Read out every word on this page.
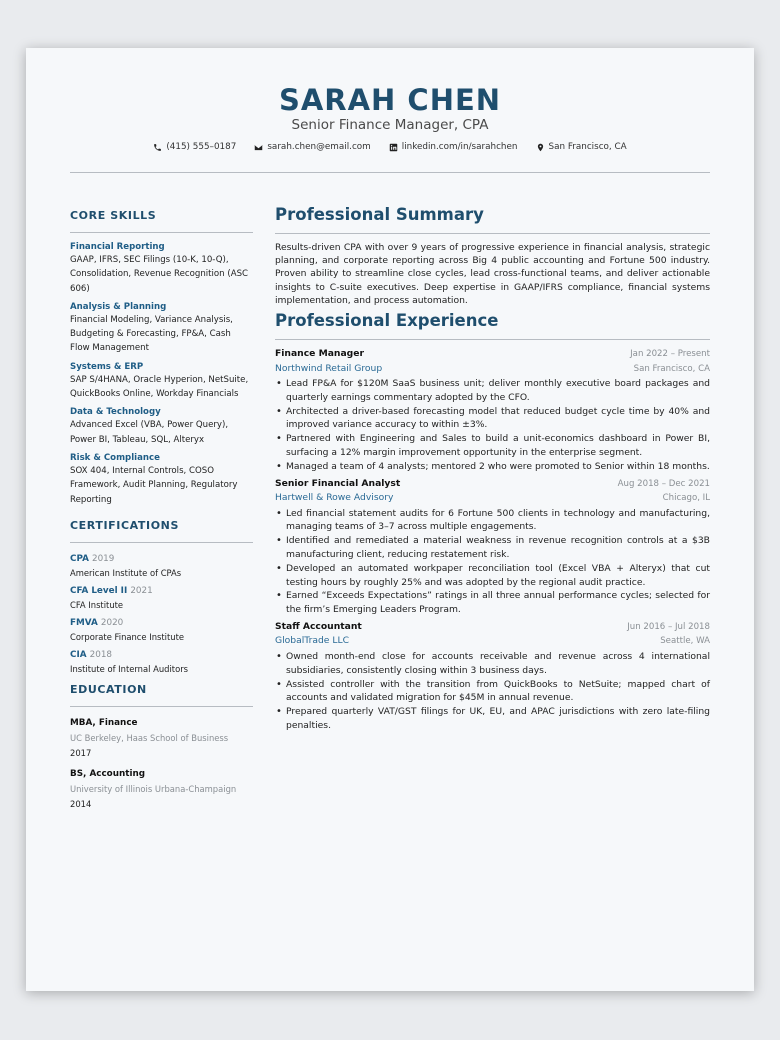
SARAH CHEN
Senior Finance Manager, CPA
(415) 555–0187	sarah.chen@email.com	linkedin.com/in/sarahchen	San Francisco, CA
CORE SKILLS
Financial Reporting
GAAP, IFRS, SEC Filings (10-K, 10-Q), Consolidation, Revenue Recognition (ASC 606)
Analysis & Planning
Financial Modeling, Variance Analysis, Budgeting & Forecasting, FP&A, Cash Flow Management
Systems & ERP
SAP S/4HANA, Oracle Hyperion, NetSuite, QuickBooks Online, Workday Financials
Data & Technology
Advanced Excel (VBA, Power Query), Power BI, Tableau, SQL, Alteryx
Risk & Compliance
SOX 404, Internal Controls, COSO Framework, Audit Planning, Regulatory Reporting
CERTIFICATIONS
CPA 2019
American Institute of CPAs
CFA Level II 2021
CFA Institute
FMVA 2020
Corporate Finance Institute
CIA 2018
Institute of Internal Auditors
EDUCATION
MBA, Finance
UC Berkeley, Haas School of Business
2017
BS, Accounting
University of Illinois Urbana-Champaign
2014
Professional Summary

Results-driven CPA with over 9 years of progressive experience in financial analysis, strategic planning, and corporate reporting across Big 4 public accounting and Fortune 500 industry. Proven ability to streamline close cycles, lead cross-functional teams, and deliver actionable insights to C-suite executives. Deep expertise in GAAP/IFRS compliance, financial systems implementation, and process automation.

Professional Experience
Finance Manager	Jan 2022 – Present
Northwind Retail Group	San Francisco, CA
• Lead FP&A for $120M SaaS business unit; deliver monthly executive board packages and quarterly earnings commentary adopted by the CFO.
• Architected a driver-based forecasting model that reduced budget cycle time by 40% and improved variance accuracy to within ±3%.
• Partnered with Engineering and Sales to build a unit-economics dashboard in Power BI, surfacing a 12% margin improvement opportunity in the enterprise segment.
• Managed a team of 4 analysts; mentored 2 who were promoted to Senior within 18 months.
Senior Financial Analyst	Aug 2018 – Dec 2021
Hartwell & Rowe Advisory	Chicago, IL
• Led financial statement audits for 6 Fortune 500 clients in technology and manufacturing, managing teams of 3–7 across multiple engagements.
• Identified and remediated a material weakness in revenue recognition controls at a $3B manufacturing client, reducing restatement risk.
• Developed an automated workpaper reconciliation tool (Excel VBA + Alteryx) that cut testing hours by roughly 25% and was adopted by the regional audit practice.
• Earned “Exceeds Expectations” ratings in all three annual performance cycles; selected for the firm’s Emerging Leaders Program.
Staff Accountant	Jun 2016 – Jul 2018
GlobalTrade LLC	Seattle, WA
• Owned month-end close for accounts receivable and revenue across 4 international subsidiaries, consistently closing within 3 business days.
• Assisted controller with the transition from QuickBooks to NetSuite; mapped chart of accounts and validated migration for $45M in annual revenue.
• Prepared quarterly VAT/GST filings for UK, EU, and APAC jurisdictions with zero late-filing penalties.
